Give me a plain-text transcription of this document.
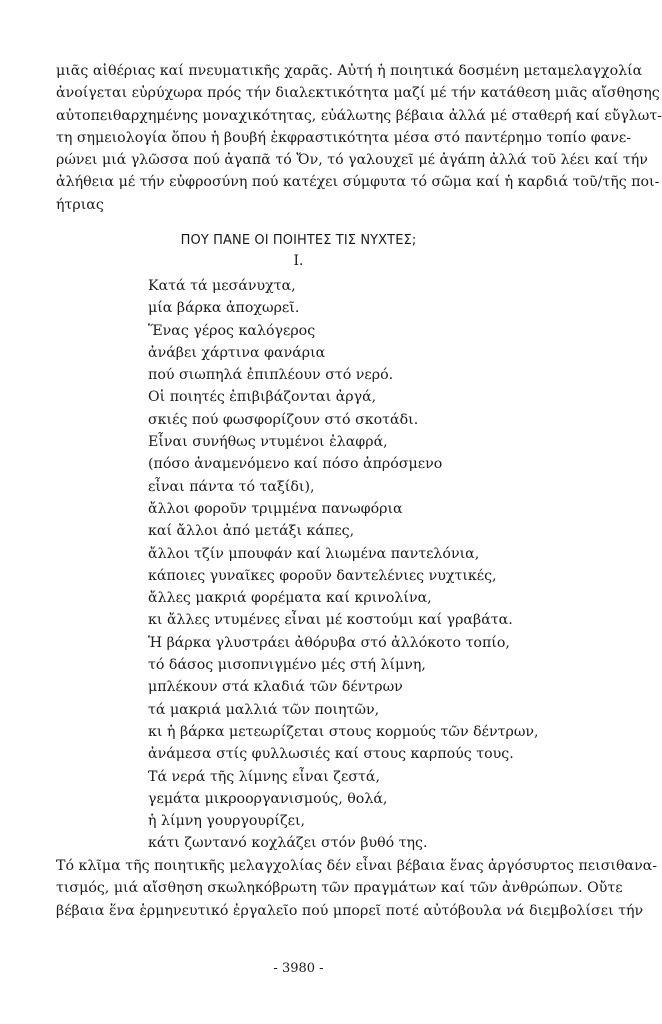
μιᾶς αἰθέριας καί πνευματικῆς χαρᾶς. Αὐτή ἡ ποιητικά δοσμένη μεταμελαγχολία
ἀνοίγεται εὐρύχωρα πρός τήν διαλεκτικότητα μαζί μέ τήν κατάθεση μιᾶς αἴσθησης
αὐτοπειθαρχημένης μοναχικότητας, εὐάλωτης βέβαια ἀλλά μέ σταθερή καί εὔγλωτ-
τη σημειολογία ὅπου ἡ βουβή ἐκφραστικότητα μέσα στό παντέρημο τοπίο φανε-
ρώνει μιά γλῶσσα πού ἀγαπᾶ τό Ὄν, τό γαλουχεῖ μέ ἀγάπη ἀλλά τοῦ λέει καί τήν
ἀλήθεια μέ τήν εὐφροσύνη πού κατέχει σύμφυτα τό σῶμα καί ἡ καρδιά τοῦ/τῆς ποι-
ήτριας
ΠΟΥ ΠΑΝΕ ΟΙ ΠΟΙΗΤΕΣ ΤΙΣ ΝΥΧΤΕΣ;
I.
Κατά τά μεσάνυχτα,
μία βάρκα ἀποχωρεῖ.
Ἕνας γέρος καλόγερος
ἀνάβει χάρτινα φανάρια
πού σιωπηλά ἐπιπλέουν στό νερό.
Οἱ ποιητές ἐπιβιβάζονται ἀργά,
σκιές πού φωσφορίζουν στό σκοτάδι.
Εἶναι συνήθως ντυμένοι ἐλαφρά,
(πόσο ἀναμενόμενο καί πόσο ἀπρόσμενο
εἶναι πάντα τό ταξίδι),
ἄλλοι φοροῦν τριμμένα πανωφόρια
καί ἄλλοι ἀπό μετάξι κάπες,
ἄλλοι τζίν μπουφάν καί λιωμένα παντελόνια,
κάποιες γυναῖκες φοροῦν δαντελένιες νυχτικές,
ἄλλες μακριά φορέματα καί κρινολίνα,
κι ἄλλες ντυμένες εἶναι μέ κοστούμι καί γραβάτα.
Ἡ βάρκα γλυστράει ἀθόρυβα στό ἀλλόκοτο τοπίο,
τό δάσος μισοπνιγμένο μές στή λίμνη,
μπλέκουν στά κλαδιά τῶν δέντρων
τά μακριά μαλλιά τῶν ποιητῶν,
κι ἡ βάρκα μετεωρίζεται στους κορμούς τῶν δέντρων,
ἀνάμεσα στίς φυλλωσιές καί στους καρπούς τους.
Τά νερά τῆς λίμνης εἶναι ζεστά,
γεμάτα μικροοργανισμούς, θολά,
ἡ λίμνη γουργουρίζει,
κάτι ζωντανό κοχλάζει στόν βυθό της.
Τό κλῖμα τῆς ποιητικῆς μελαγχολίας δέν εἶναι βέβαια ἕνας ἀργόσυρτος πεισιθανα-
τισμός, μιά αἴσθηση σκωληκόβρωτη τῶν πραγμάτων καί τῶν ἀνθρώπων. Οὔτε
βέβαια ἕνα ἑρμηνευτικό ἐργαλεῖο πού μπορεῖ ποτέ αὐτόβουλα νά διεμβολίσει τήν
- 3980 -
